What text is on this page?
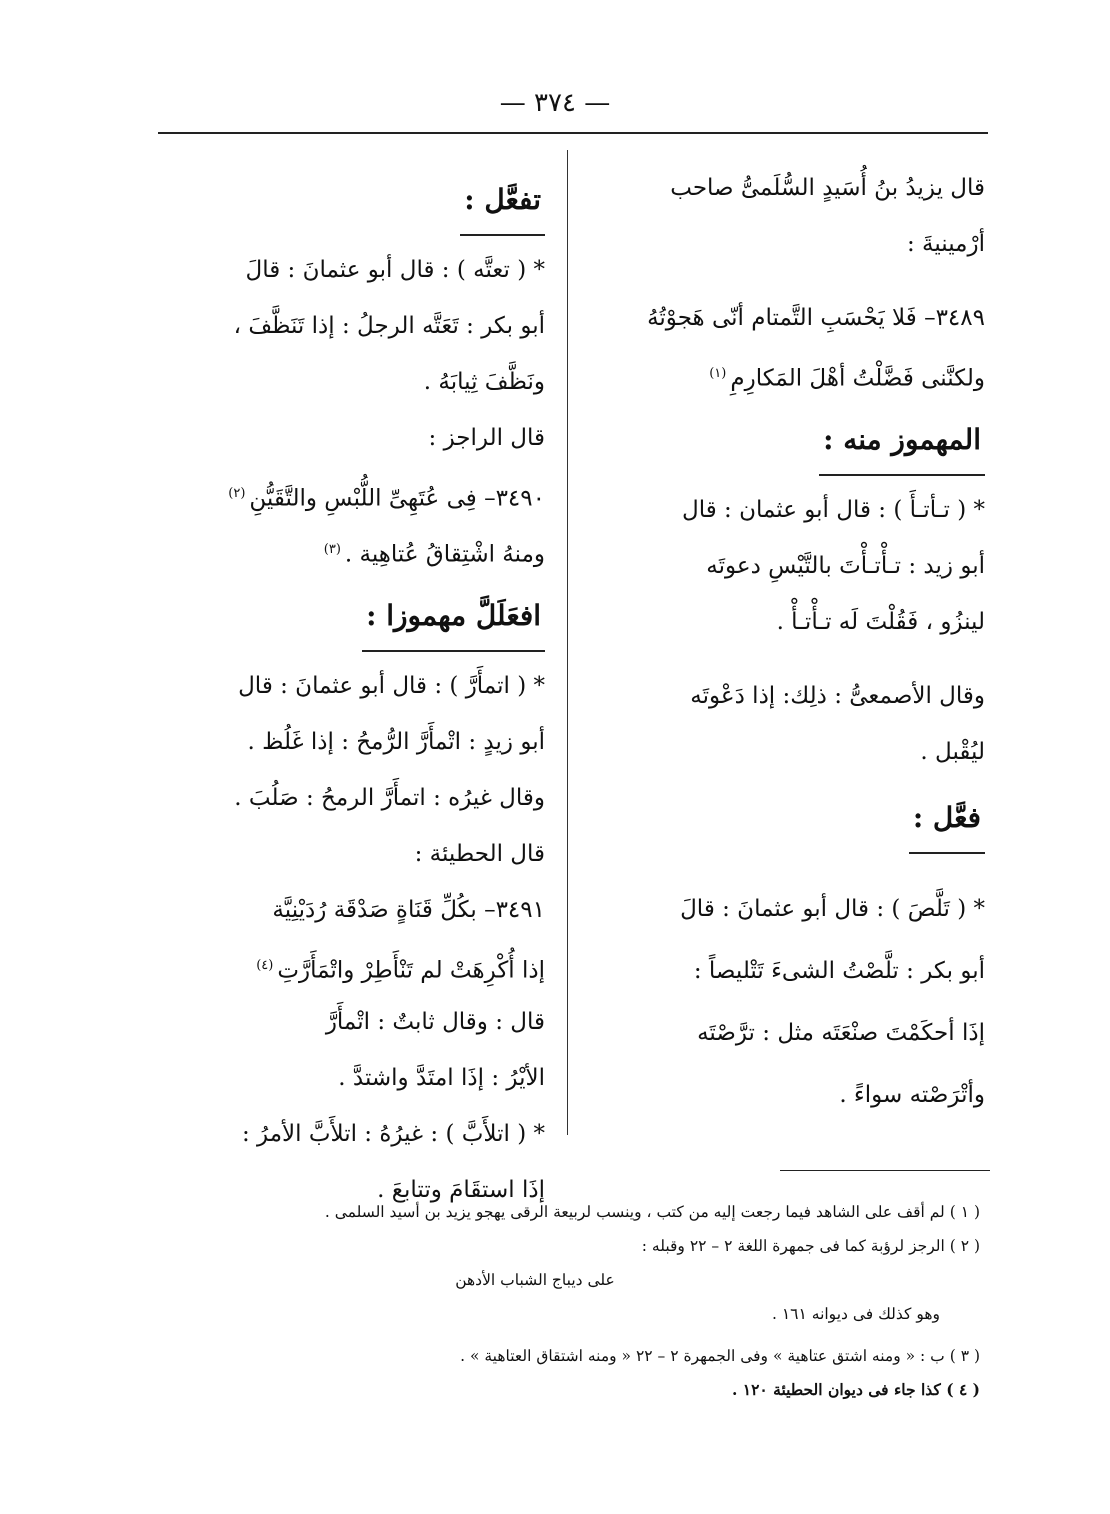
— ٣٧٤ —
قال يزيدُ بنُ أُسَيدٍ السُّلَمىُّ صاحب
أرْمينيةَ :
٣٤٨٩– فَلا يَحْسَبِ التَّمتام أنّى هَجوْتُهُ
ولكنَّنى فَضَّلْتُ أهْلَ المَكارِمِ$^{(١)}$
المهموز منه :
* ( تـأتـأَ ) : قال أبو عثمان : قال
أبو زيد : تـأْتـأْتَ بالتَّيْسِ دعوتَه
لينزُو ، فَقُلْتَ لَه تـأْتـأْ .
وقال الأصمعىُّ : ذلِك: إذا دَعْوتَه
ليُقْبل .
فعَّل :
* ( تَلَّصَ ) : قال أبو عثمانَ : قالَ
أبو بكر : تلَّصْتُ الشىءَ تَتْليصاً :
إذَا أحكَمْتَ صنْعَتَه مثل : ترَّصْتَه
وأتْرَصْته سواءً .
تفعَّل :
* ( تعتَّه ) : قال أبو عثمانَ : قالَ
أبو بكر : تَعَتَّه الرجلُ : إذا تَنَظَّفَ ،
ونَظَّفَ ثِيابَهُ .
قال الراجز :
٣٤٩٠– فِى عُتَهِىِّ اللُّبْسِ والتَّقَيُّنِ$^{(٢)}$
ومنهُ اشْتِقاقُ عُتاهِية .$^{(٣)}$
افعَلَلَّ مهموزا :
* ( اتمأَرَّ ) : قال أبو عثمانَ : قال
أبو زيدٍ : اتْمأَرَّ الرُّمحُ : إذا غَلُظ .
وقال غيرُه : اتمأَرَّ الرمحُ : صَلُبَ .
قال الحطيئة :
٣٤٩١– بكُلِّ قَنَاةٍ صَدْقَة رُدَيْنِيَّة
إذا أُكْرِهَتْ لم تَنْأَطِرْ واتْمَأَرَّتِ$^{(٤)}$
قال : وقال ثابتٌ : اتْمأَرَّ
الأيْرُ : إذَا امتَدَّ واشتدَّ .
* ( اتلأَبَّ ) : غيرُهُ : اتلأَبَّ الأمرُ :
إذَا استقَامَ وتتابعَ .
( ١ ) لم أقف على الشاهد فيما رجعت إليه من كتب ، وينسب لربيعة الرقى يهجو يزيد بن أسيد السلمى .
( ٢ ) الرجز لرؤبة كما فى جمهرة اللغة ٢ – ٢٢ وقبله :
على ديباج الشباب الأدهن
وهو كذلك فى ديوانه ١٦١ .
( ٣ ) ب : « ومنه اشتق عتاهية » وفى الجمهرة ٢ – ٢٢ « ومنه اشتقاق العتاهية » .
( ٤ ) كذا جاء فى ديوان الحطيئة ١٢٠ .
